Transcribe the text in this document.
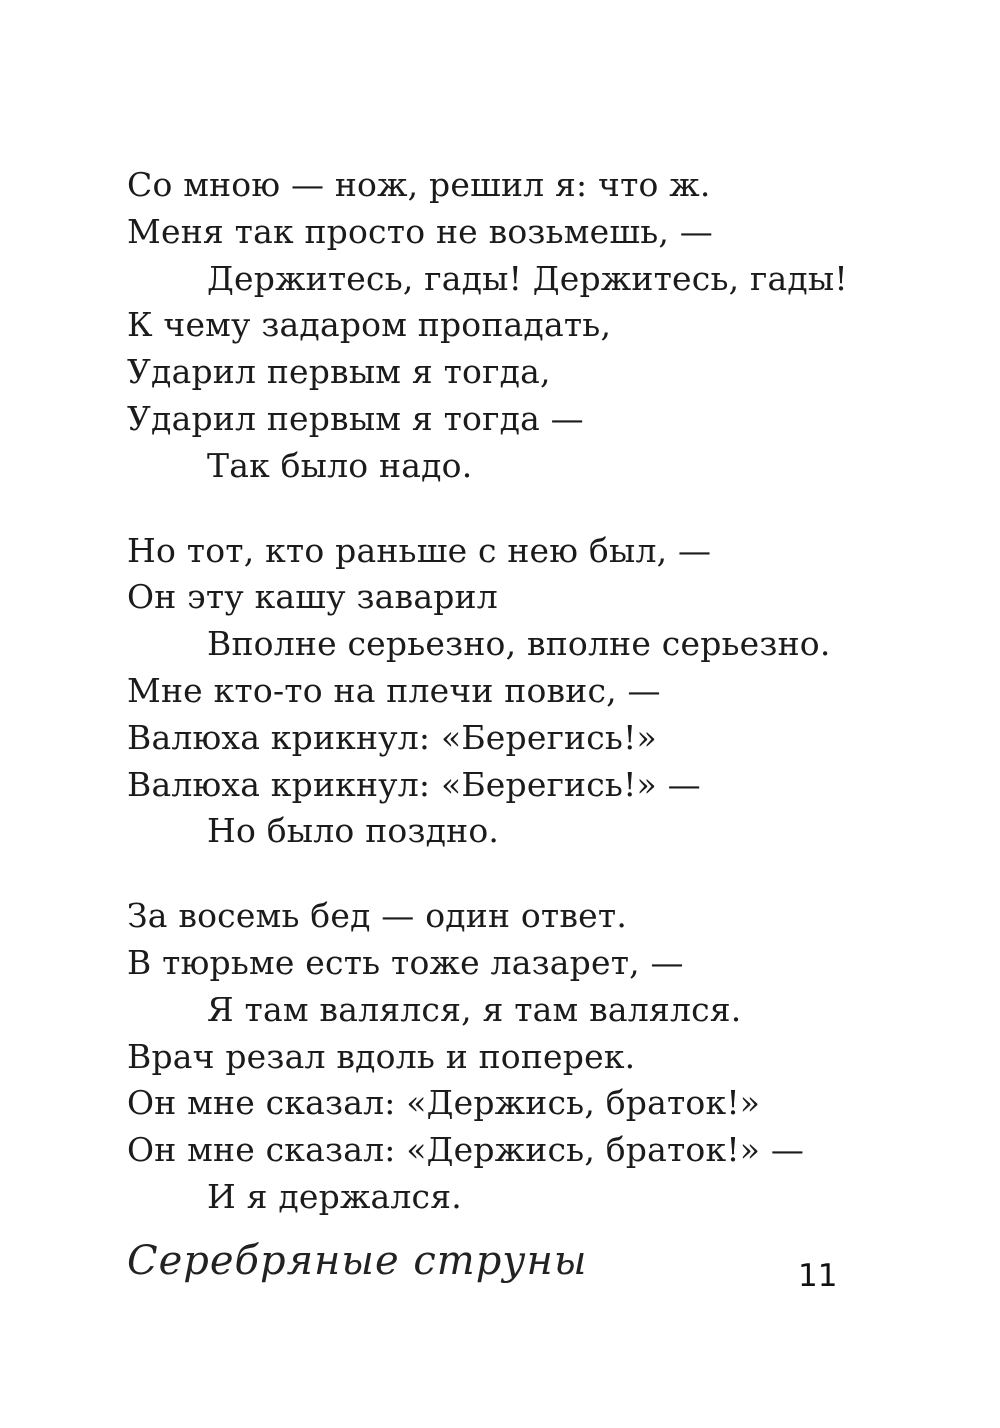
Со мною — нож, решил я: что ж.
Меня так просто не возьмешь, —
Держитесь, гады! Держитесь, гады!
К чему задаром пропадать,
Ударил первым я тогда,
Ударил первым я тогда —
Так было надо.
Но тот, кто раньше с нею был, —
Он эту кашу заварил
Вполне серьезно, вполне серьезно.
Мне кто-то на плечи повис, —
Валюха крикнул: «Берегись!»
Валюха крикнул: «Берегись!» —
Но было поздно.
За восемь бед — один ответ.
В тюрьме есть тоже лазарет, —
Я там валялся, я там валялся.
Врач резал вдоль и поперек.
Он мне сказал: «Держись, браток!»
Он мне сказал: «Держись, браток!» —
И я держался.
Серебряные струны	11
